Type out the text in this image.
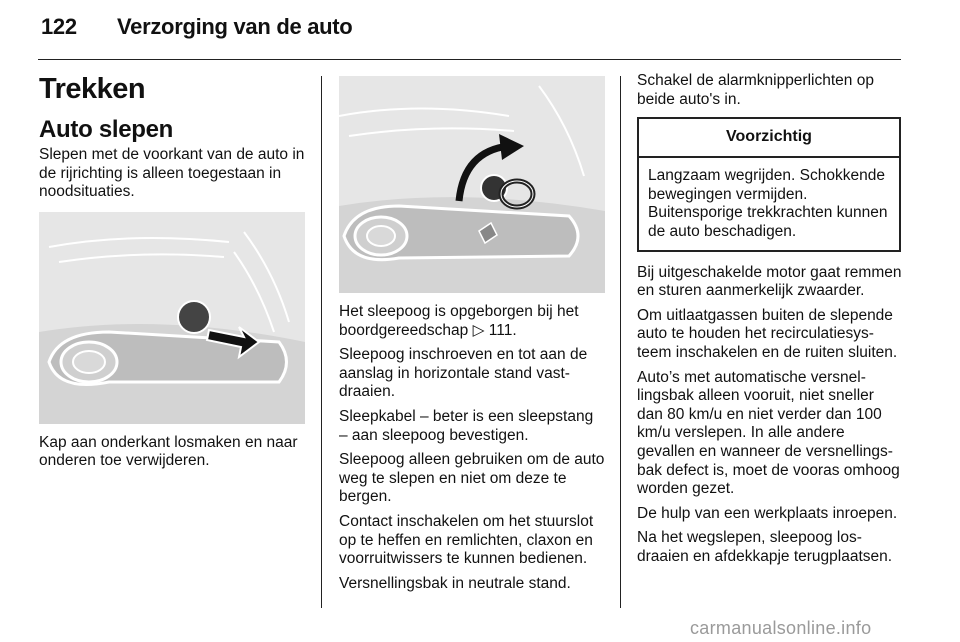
122 Verzorging van de auto
Trekken
Auto slepen

Slepen met de voorkant van de auto in de rijrichting is alleen toegestaan in noodsituaties.

Kap aan onderkant losmaken en naar onderen toe verwijderen.

Het sleepoog is opgeborgen bij het boordgereedschap ▷ 111.

Sleepoog inschroeven en tot aan de aanslag in horizontale stand vastdraaien.

Sleepkabel – beter is een sleepstang – aan sleepoog bevestigen.

Sleepoog alleen gebruiken om de auto weg te slepen en niet om deze te bergen.

Contact inschakelen om het stuurslot op te heffen en remlichten, claxon en voorruitwissers te kunnen bedienen.

Versnellingsbak in neutrale stand.

Schakel de alarmknipperlichten op beide auto's in.

Voorzichtig
Langzaam wegrijden. Schokkende bewegingen vermijden. Buitensporige trekkrachten kunnen de auto beschadigen.

Bij uitgeschakelde motor gaat remmen en sturen aanmerkelijk zwaarder.

Om uitlaatgassen buiten de slepende auto te houden het recirculatiesysteem inschakelen en de ruiten sluiten.

Auto’s met automatische versnellingsbak alleen vooruit, niet sneller dan 80 km/u en niet verder dan 100 km/u verslepen. In alle andere gevallen en wanneer de versnellingsbak defect is, moet de vooras omhoog worden gezet.

De hulp van een werkplaats inroepen.

Na het wegslepen, sleepoog losdraaien en afdekkapje terugplaatsen.

carmanualsonline.info
